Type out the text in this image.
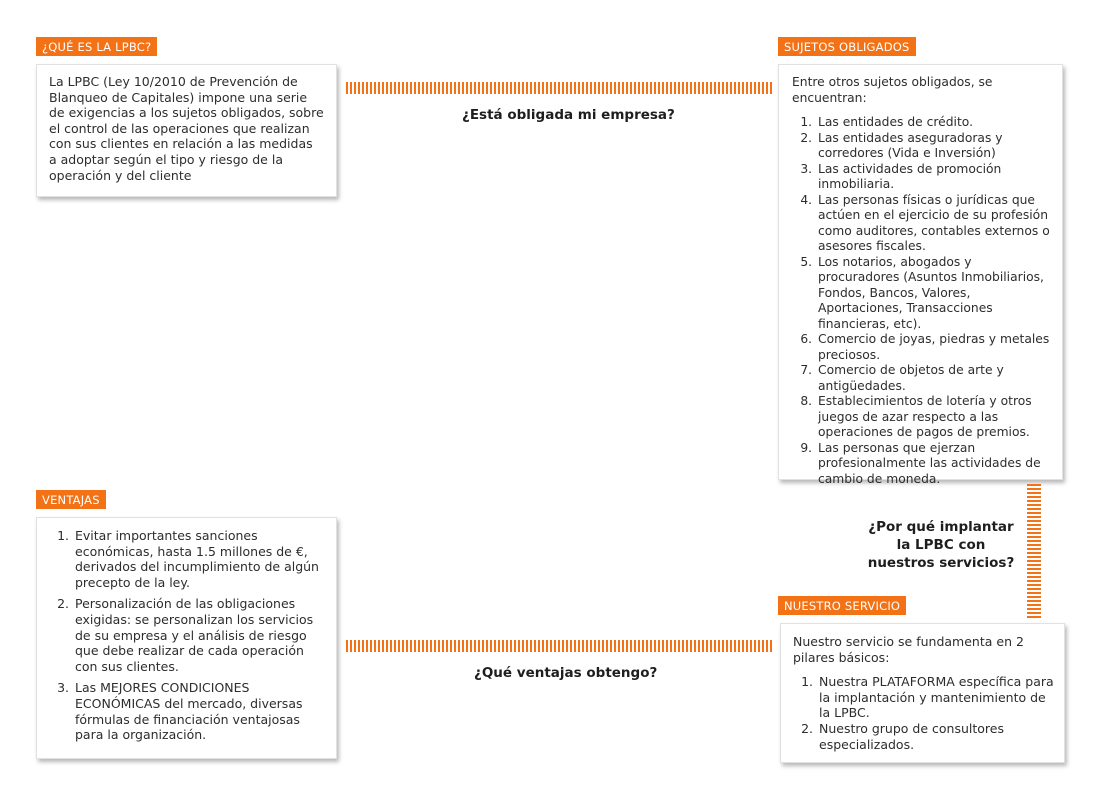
¿QUÉ ES LA LPBC?

La LPBC (Ley 10/2010 de Prevención de Blanqueo de Capitales) impone una serie de exigencias a los sujetos obligados, sobre el control de las operaciones que realizan con sus clientes en relación a las medidas a adoptar según el tipo y riesgo de la operación y del cliente

¿Está obligada mi empresa?
SUJETOS OBLIGADOS

Entre otros sujetos obligados, se encuentran:

1. Las entidades de crédito.
2. Las entidades aseguradoras y corredores (Vida e Inversión)
3. Las actividades de promoción inmobiliaria.
4. Las personas físicas o jurídicas que actúen en el ejercicio de su profesión como auditores, contables externos o asesores fiscales.
5. Los notarios, abogados y procuradores (Asuntos Inmobiliarios, Fondos, Bancos, Valores, Aportaciones, Transacciones financieras, etc).
6. Comercio de joyas, piedras y metales preciosos.
7. Comercio de objetos de arte y antigüedades.
8. Establecimientos de lotería y otros juegos de azar respecto a las operaciones de pagos de premios.
9. Las personas que ejerzan profesionalmente las actividades de cambio de moneda.
¿Por qué implantar
la LPBC con
nuestros servicios?
VENTAJAS
1. Evitar importantes sanciones económicas, hasta 1.5 millones de €, derivados del incumplimiento de algún precepto de la ley.
2. Personalización de las obligaciones exigidas: se personalizan los servicios de su empresa y el análisis de riesgo que debe realizar de cada operación con sus clientes.
3. Las MEJORES CONDICIONES ECONÓMICAS del mercado, diversas fórmulas de financiación ventajosas para la organización.
¿Qué ventajas obtengo?
NUESTRO SERVICIO

Nuestro servicio se fundamenta en 2 pilares básicos:

1. Nuestra PLATAFORMA específica para la implantación y mantenimiento de la LPBC.
2. Nuestro grupo de consultores especializados.
